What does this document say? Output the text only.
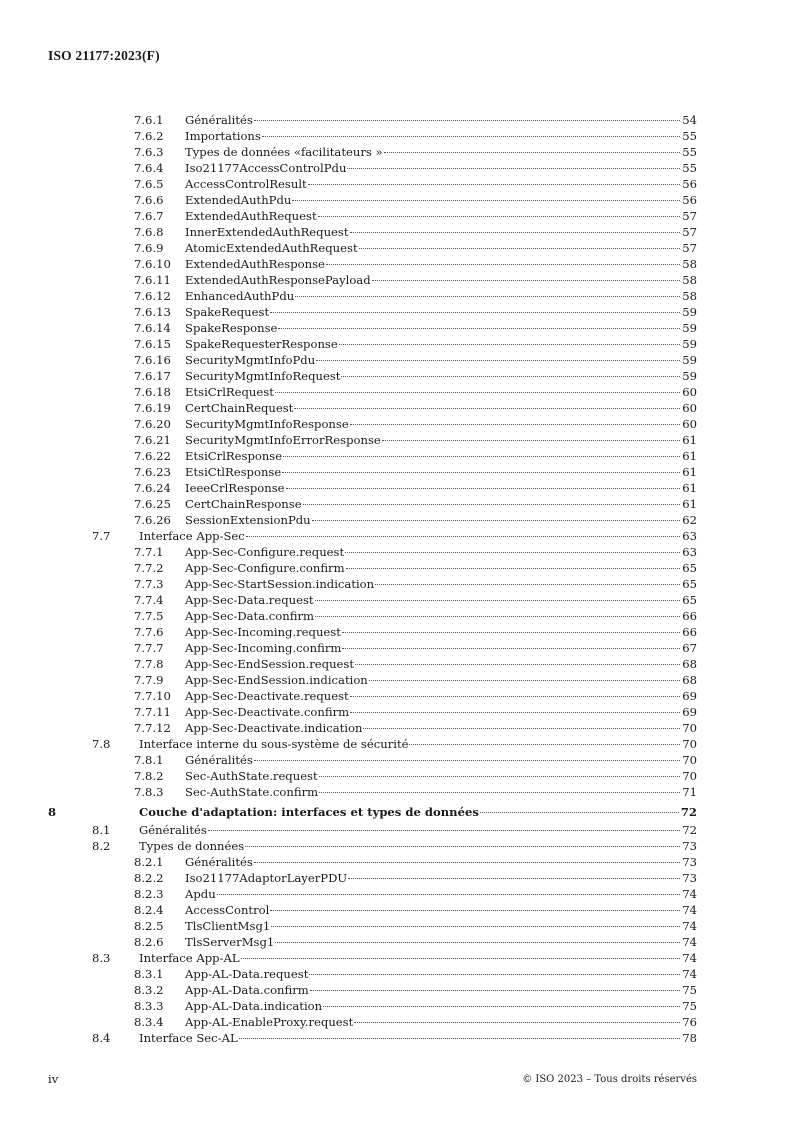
ISO 21177:2023(F)
7.6.1 Généralités	54
7.6.2 Importations	55
7.6.3 Types de données «facilitateurs »	55
7.6.4 Iso21177AccessControlPdu	55
7.6.5 AccessControlResult	56
7.6.6 ExtendedAuthPdu	56
7.6.7 ExtendedAuthRequest	57
7.6.8 InnerExtendedAuthRequest	57
7.6.9 AtomicExtendedAuthRequest	57
7.6.10 ExtendedAuthResponse	58
7.6.11 ExtendedAuthResponsePayload	58
7.6.12 EnhancedAuthPdu	58
7.6.13 SpakeRequest	59
7.6.14 SpakeResponse	59
7.6.15 SpakeRequesterResponse	59
7.6.16 SecurityMgmtInfoPdu	59
7.6.17 SecurityMgmtInfoRequest	59
7.6.18 EtsiCrlRequest	60
7.6.19 CertChainRequest	60
7.6.20 SecurityMgmtInfoResponse	60
7.6.21 SecurityMgmtInfoErrorResponse	61
7.6.22 EtsiCrlResponse	61
7.6.23 EtsiCtlResponse	61
7.6.24 IeeeCrlResponse	61
7.6.25 CertChainResponse	61
7.6.26 SessionExtensionPdu	62
7.7 Interface App-Sec	63
7.7.1 App-Sec-Configure.request	63
7.7.2 App-Sec-Configure.confirm	65
7.7.3 App-Sec-StartSession.indication	65
7.7.4 App-Sec-Data.request	65
7.7.5 App-Sec-Data.confirm	66
7.7.6 App-Sec-Incoming.request	66
7.7.7 App-Sec-Incoming.confirm	67
7.7.8 App-Sec-EndSession.request	68
7.7.9 App-Sec-EndSession.indication	68
7.7.10 App-Sec-Deactivate.request	69
7.7.11 App-Sec-Deactivate.confirm	69
7.7.12 App-Sec-Deactivate.indication	70
7.8 Interface interne du sous-système de sécurité	70
7.8.1 Généralités	70
7.8.2 Sec-AuthState.request	70
7.8.3 Sec-AuthState.confirm	71
8	Couche d'adaptation: interfaces et types de données	72
8.1 Généralités	72
8.2 Types de données	73
8.2.1 Généralités	73
8.2.2 Iso21177AdaptorLayerPDU	73
8.2.3 Apdu	74
8.2.4 AccessControl	74
8.2.5 TlsClientMsg1	74
8.2.6 TlsServerMsg1	74
8.3 Interface App-AL	74
8.3.1 App-AL-Data.request	74
8.3.2 App-AL-Data.confirm	75
8.3.3 App-AL-Data.indication	75
8.3.4 App-AL-EnableProxy.request	76
8.4 Interface Sec-AL	78
iv	© ISO 2023 – Tous droits réservés
